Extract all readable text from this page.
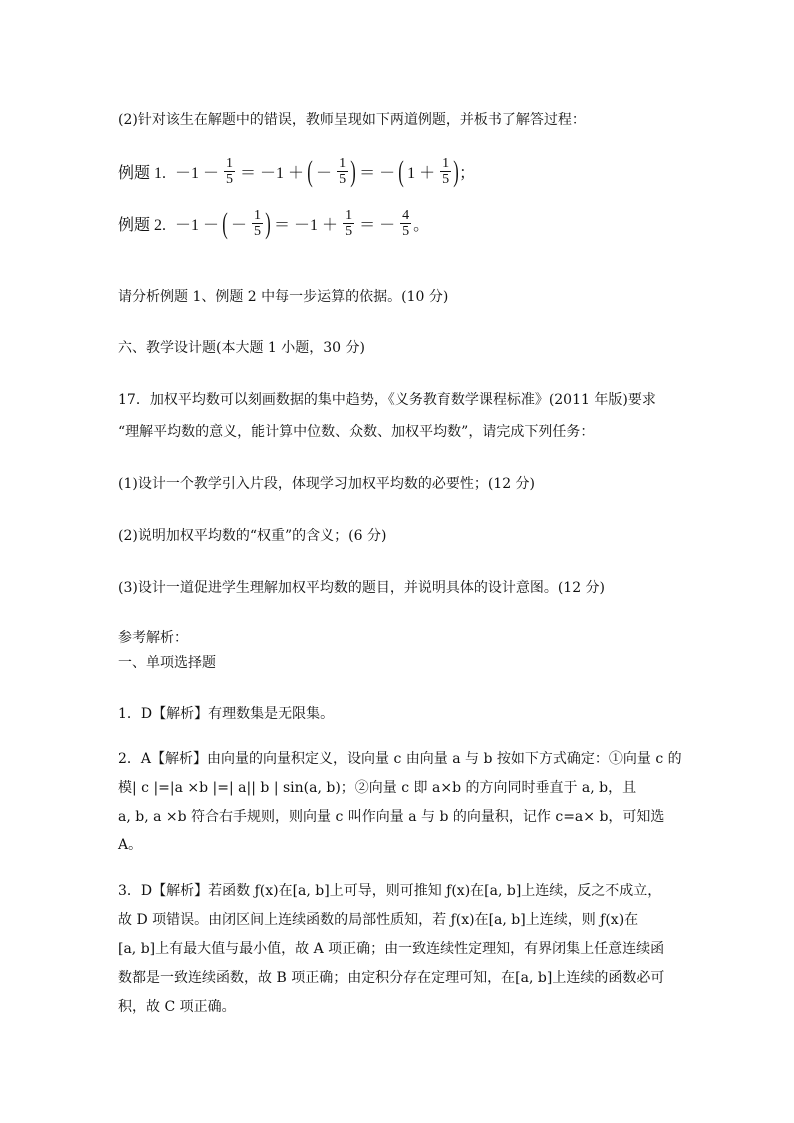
(2)针对该生在解题中的错误，教师呈现如下两道例题，并板书了解答过程：
例题 1. $-1 - \frac{1}{5} = -1$ ＋ ( － $\frac{1}{5}$ ) ＝ － ( $1 + \frac{1}{5}$ ) ；
例题 2. －1 － ( － $\frac{1}{5}$ ) ＝ $-1 + \frac{1}{5}$ ＝ － $\frac{4}{5}$ 。
请分析例题 1、例题 2 中每一步运算的依据。(10 分)
六、教学设计题(本大题 1 小题，30 分)
17．加权平均数可以刻画数据的集中趋势，《义务教育数学课程标准》(2011 年版)要求
“理解平均数的意义，能计算中位数、众数、加权平均数”，请完成下列任务：
(1)设计一个教学引入片段，体现学习加权平均数的必要性；(12 分)
(2)说明加权平均数的“权重”的含义；(6 分)
(3)设计一道促进学生理解加权平均数的题目，并说明具体的设计意图。(12 分)
参考解析：
一、单项选择题
1．D【解析】有理数集是无限集。
2．A【解析】由向量的向量积定义，设向量 c 由向量 a 与 b 按如下方式确定：①向量 c 的
模| c |=|a ×b |=| a|| b | sin(a, b)；②向量 c 即 a×b 的方向同时垂直于 a, b，且
a, b, a ×b 符合右手规则，则向量 c 叫作向量 a 与 b 的向量积，记作 c=a× b，可知选
A。
3．D【解析】若函数 ƒ(x)在[a, b]上可导，则可推知 ƒ(x)在[a, b]上连续，反之不成立，
故 D 项错误。由闭区间上连续函数的局部性质知，若 ƒ(x)在[a, b]上连续，则 ƒ(x)在
[a, b]上有最大值与最小值，故 A 项正确；由一致连续性定理知，有界闭集上任意连续函
数都是一致连续函数，故 B 项正确；由定积分存在定理可知，在[a, b]上连续的函数必可
积，故 C 项正确。
